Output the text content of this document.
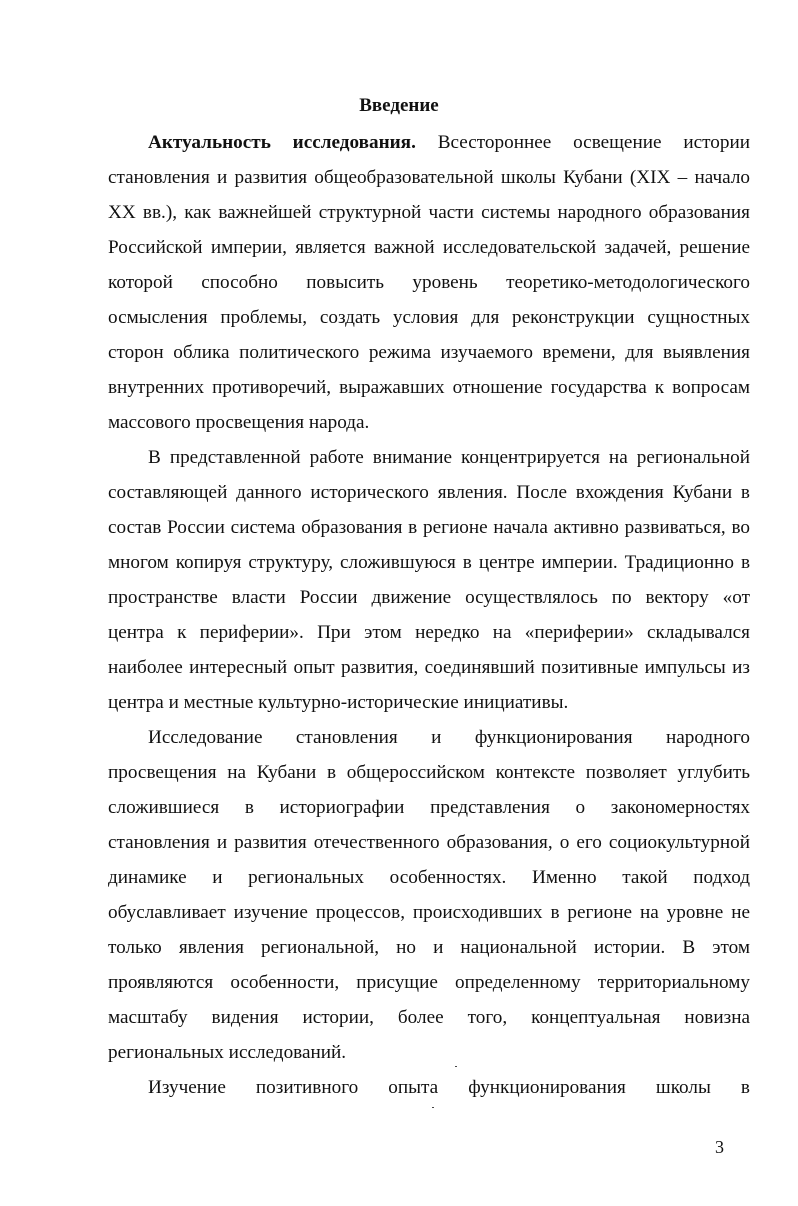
Введение

Актуальность исследования. Всестороннее освещение истории

становления и развития общеобразовательной школы Кубани (XIX – начало

XX вв.), как важнейшей структурной части системы народного образования

Российской империи, является важной исследовательской задачей, решение

которой способно повысить уровень теоретико-методологического

осмысления проблемы, создать условия для реконструкции сущностных

сторон облика политического режима изучаемого времени, для выявления

внутренних противоречий, выражавших отношение государства к вопросам

массового просвещения народа.

В представленной работе внимание концентрируется на региональной

составляющей данного исторического явления. После вхождения Кубани в

состав России система образования в регионе начала активно развиваться, во

многом копируя структуру, сложившуюся в центре империи. Традиционно в

пространстве власти России движение осуществлялось по вектору «от

центра к периферии». При этом нередко на «периферии» складывался

наиболее интересный опыт развития, соединявший позитивные импульсы из

центра и местные культурно-исторические инициативы.

Исследование становления и функционирования народного

просвещения на Кубани в общероссийском контексте позволяет углубить

сложившиеся в историографии представления о закономерностях

становления и развития отечественного образования, о его социокультурной

динамике и региональных особенностях. Именно такой подход

обуславливает изучение процессов, происходивших в регионе на уровне не

только явления региональной, но и национальной истории. В этом

проявляются особенности, присущие определенному территориальному

масштабу видения истории, более того, концептуальная новизна

региональных исследований.

Изучение позитивного опыта функционирования школы в

3
